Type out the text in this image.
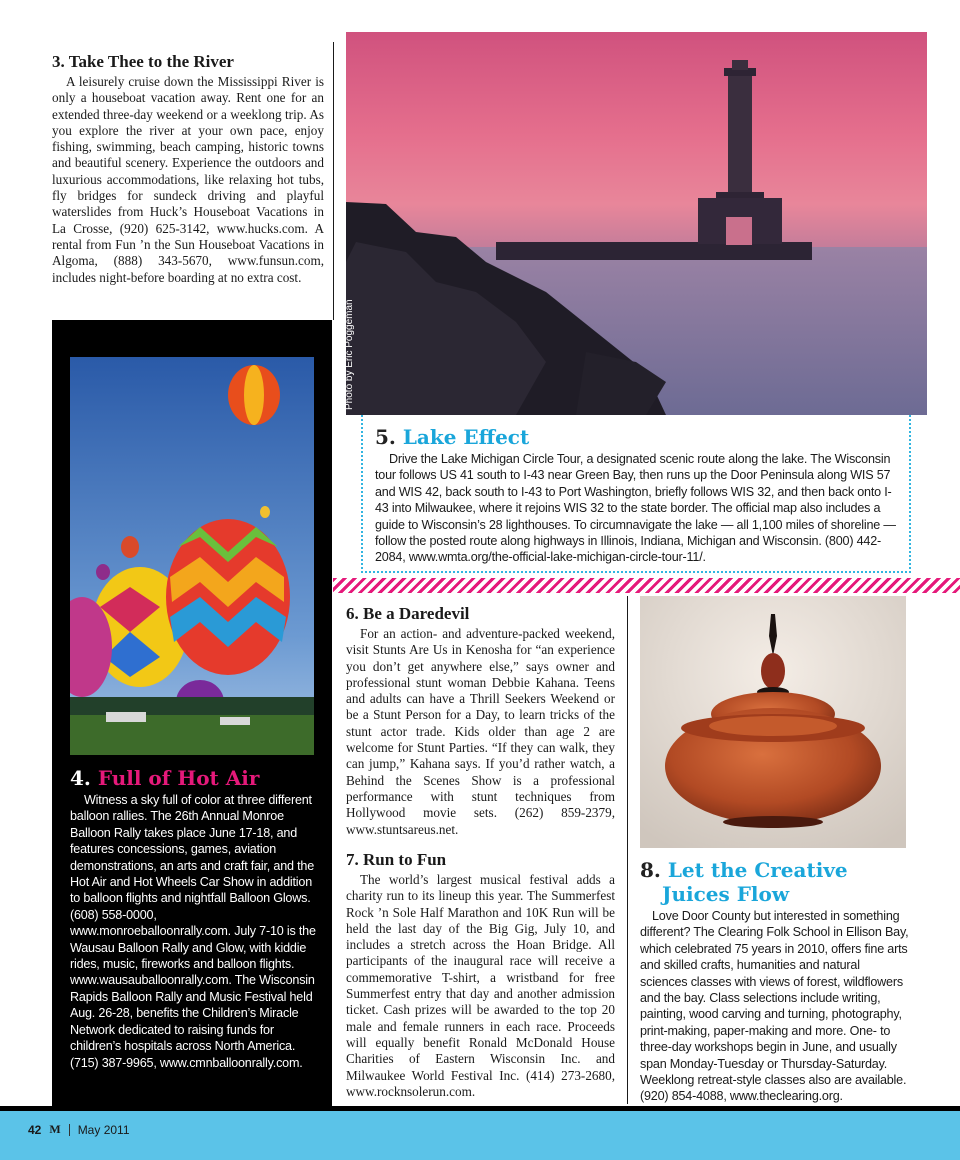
3. Take Thee to the River

A leisurely cruise down the Mississippi River is only a houseboat vacation away. Rent one for an extended three-day weekend or a weeklong trip. As you explore the river at your own pace, enjoy fishing, swimming, beach camping, historic towns and beautiful scenery. Experience the outdoors and luxurious accommodations, like relaxing hot tubs, fly bridges for sundeck driving and playful waterslides from Huck’s Houseboat Vacations in La Crosse, (920) 625-3142, www.hucks.com. A rental from Fun ’n the Sun Houseboat Vacations in Algoma, (888) 343-5670, www.funsun.com, includes night-before boarding at no extra cost.

Photo by Eric Poggeman
5. Lake Effect

Drive the Lake Michigan Circle Tour, a designated scenic route along the lake. The Wisconsin tour follows US 41 south to I-43 near Green Bay, then runs up the Door Peninsula along WIS 57 and WIS 42, back south to I-43 to Port Washington, briefly follows WIS 32, and then back onto I-43 into Milwaukee, where it rejoins WIS 32 to the state border. The official map also includes a guide to Wisconsin’s 28 lighthouses. To circumnavigate the lake — all 1,100 miles of shoreline — follow the posted route along highways in Illinois, Indiana, Michigan and Wisconsin. (800) 442-2084, www.wmta.org/the-official-lake-michigan-circle-tour-11/.

4. Full of Hot Air

Witness a sky full of color at three different balloon rallies. The 26th Annual Monroe Balloon Rally takes place June 17-18, and features concessions, games, aviation demonstrations, an arts and craft fair, and the Hot Air and Hot Wheels Car Show in addition to balloon flights and nightfall Balloon Glows. (608) 558-0000, www.monroeballoonrally.com. July 7-10 is the Wausau Balloon Rally and Glow, with kiddie rides, music, fireworks and balloon flights. www.wausauballoonrally.com. The Wisconsin Rapids Balloon Rally and Music Festival held Aug. 26-28, benefits the Children’s Miracle Network dedicated to raising funds for children’s hospitals across North America. (715) 387-9965, www.cmnballoonrally.com.

6. Be a Daredevil

For an action- and adventure-packed weekend, visit Stunts Are Us in Kenosha for “an experience you don’t get anywhere else,” says owner and professional stunt woman Debbie Kahana. Teens and adults can have a Thrill Seekers Weekend or be a Stunt Person for a Day, to learn tricks of the stunt actor trade. Kids older than age 2 are welcome for Stunt Parties. “If they can walk, they can jump,” Kahana says. If you’d rather watch, a Behind the Scenes Show is a professional performance with stunt techniques from Hollywood movie sets. (262) 859-2379, www.stuntsareus.net.

7. Run to Fun

The world’s largest musical festival adds a charity run to its lineup this year. The Summerfest Rock ’n Sole Half Marathon and 10K Run will be held the last day of the Big Gig, July 10, and includes a stretch across the Hoan Bridge. All participants of the inaugural race will receive a commemorative T-shirt, a wristband for free Summerfest entry that day and another admission ticket. Cash prizes will be awarded to the top 20 male and female runners in each race. Proceeds will equally benefit Ronald McDonald House Charities of Eastern Wisconsin Inc. and Milwaukee World Festival Inc. (414) 273-2680, www.rocknsolerun.com.

8. Let the Creative
Juices Flow

Love Door County but interested in something different? The Clearing Folk School in Ellison Bay, which celebrated 75 years in 2010, offers fine arts and skilled crafts, humanities and natural sciences classes with views of forest, wildflowers and the bay. Class selections include writing, painting, wood carving and turning, photography, print-making, paper-making and more. One- to three-day workshops begin in June, and usually span Monday-Tuesday or Thursday-Saturday. Weeklong retreat-style classes also are available. (920) 854-4088, www.theclearing.org.

42 M May 2011
